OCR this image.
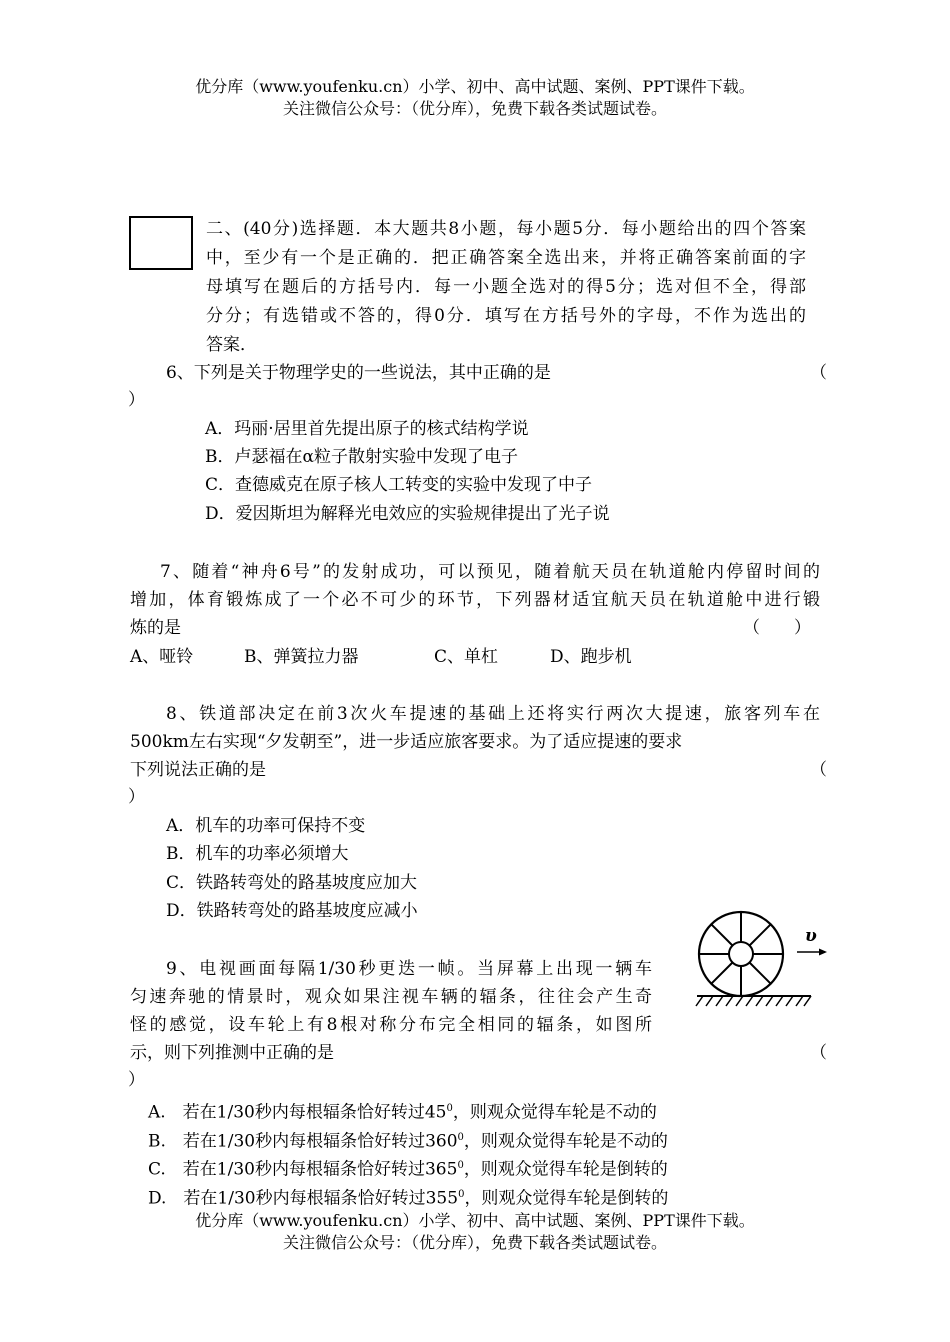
优分库（www.youfenku.cn）小学、初中、高中试题、案例、PPT课件下载。
关注微信公众号：（优分库），免费下载各类试题试卷。
二、(40分)选择题．本大题共8小题，每小题5分．每小题给出的四个答案
中，至少有一个是正确的．把正确答案全选出来，并将正确答案前面的字
母填写在题后的方括号内．每一小题全选对的得5分；选对但不全，得部
分分；有选错或不答的，得0分．填写在方括号外的字母，不作为选出的
答案．
6、下列是关于物理学史的一些说法，其中正确的是	（
）
A．玛丽·居里首先提出原子的核式结构学说
B．卢瑟福在α粒子散射实验中发现了电子
C．查德威克在原子核人工转变的实验中发现了中子
D．爱因斯坦为解释光电效应的实验规律提出了光子说
7、随着“神舟6号”的发射成功，可以预见，随着航天员在轨道舱内停留时间的
增加，体育锻炼成了一个必不可少的环节，下列器材适宜航天员在轨道舱中进行锻
炼的是	（　　）
A、哑铃	B、弹簧拉力器	C、单杠	D、跑步机
8、铁道部决定在前3次火车提速的基础上还将实行两次大提速，旅客列车在
500km左右实现“夕发朝至”，进一步适应旅客要求。为了适应提速的要求
下列说法正确的是	（
）
A．机车的功率可保持不变
B．机车的功率必须增大
C．铁路转弯处的路基坡度应加大
D．铁路转弯处的路基坡度应减小
υ
9、电视画面每隔1/30秒更迭一帧。当屏幕上出现一辆车
匀速奔驰的情景时，观众如果注视车辆的辐条，往往会产生奇
怪的感觉，设车轮上有8根对称分布完全相同的辐条，如图所
示，则下列推测中正确的是	（
）
A.　若在1/30秒内每根辐条恰好转过$45^0$，则观众觉得车轮是不动的
B.　若在1/30秒内每根辐条恰好转过$360^0$，则观众觉得车轮是不动的
C.　若在1/30秒内每根辐条恰好转过$365^0$，则观众觉得车轮是倒转的
D.　若在1/30秒内每根辐条恰好转过$355^0$，则观众觉得车轮是倒转的
优分库（www.youfenku.cn）小学、初中、高中试题、案例、PPT课件下载。
关注微信公众号：（优分库），免费下载各类试题试卷。
